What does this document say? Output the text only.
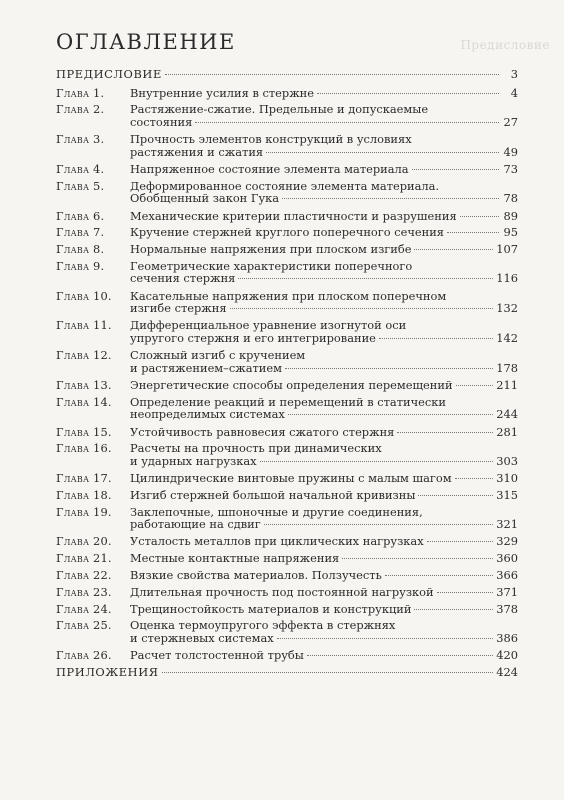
Предисловие
ОГЛАВЛЕНИЕ
ПРЕДИСЛОВИЕ	3
Глава 1.	Внутренние усилия в стержне	4
Глава 2.	Растяжение-сжатие. Предельные и допускаемые
состояния	27
Глава 3.	Прочность элементов конструкций в условиях
растяжения и сжатия	49
Глава 4.	Напряженное состояние элемента материала	73
Глава 5.	Деформированное состояние элемента материала.
Обобщенный закон Гука	78
Глава 6.	Механические критерии пластичности и разрушения	89
Глава 7.	Кручение стержней круглого поперечного сечения	95
Глава 8.	Нормальные напряжения при плоском изгибе	107
Глава 9.	Геометрические характеристики поперечного
сечения стержня	116
Глава 10.	Касательные напряжения при плоском поперечном
изгибе стержня	132
Глава 11.	Дифференциальное уравнение изогнутой оси
упругого стержня и его интегрирование	142
Глава 12.	Сложный изгиб с кручением
и растяжением–сжатием	178
Глава 13.	Энергетические способы определения перемещений	211
Глава 14.	Определение реакций и перемещений в статически
неопределимых системах	244
Глава 15.	Устойчивость равновесия сжатого стержня	281
Глава 16.	Расчеты на прочность при динамических
и ударных нагрузках	303
Глава 17.	Цилиндрические винтовые пружины с малым шагом	310
Глава 18.	Изгиб стержней большой начальной кривизны	315
Глава 19.	Заклепочные, шпоночные и другие соединения,
работающие на сдвиг	321
Глава 20.	Усталость металлов при циклических нагрузках	329
Глава 21.	Местные контактные напряжения	360
Глава 22.	Вязкие свойства материалов. Ползучесть	366
Глава 23.	Длительная прочность под постоянной нагрузкой	371
Глава 24.	Трещиностойкость материалов и конструкций	378
Глава 25.	Оценка термоупругого эффекта в стержнях
и стержневых системах	386
Глава 26.	Расчет толстостенной трубы	420
ПРИЛОЖЕНИЯ	424
